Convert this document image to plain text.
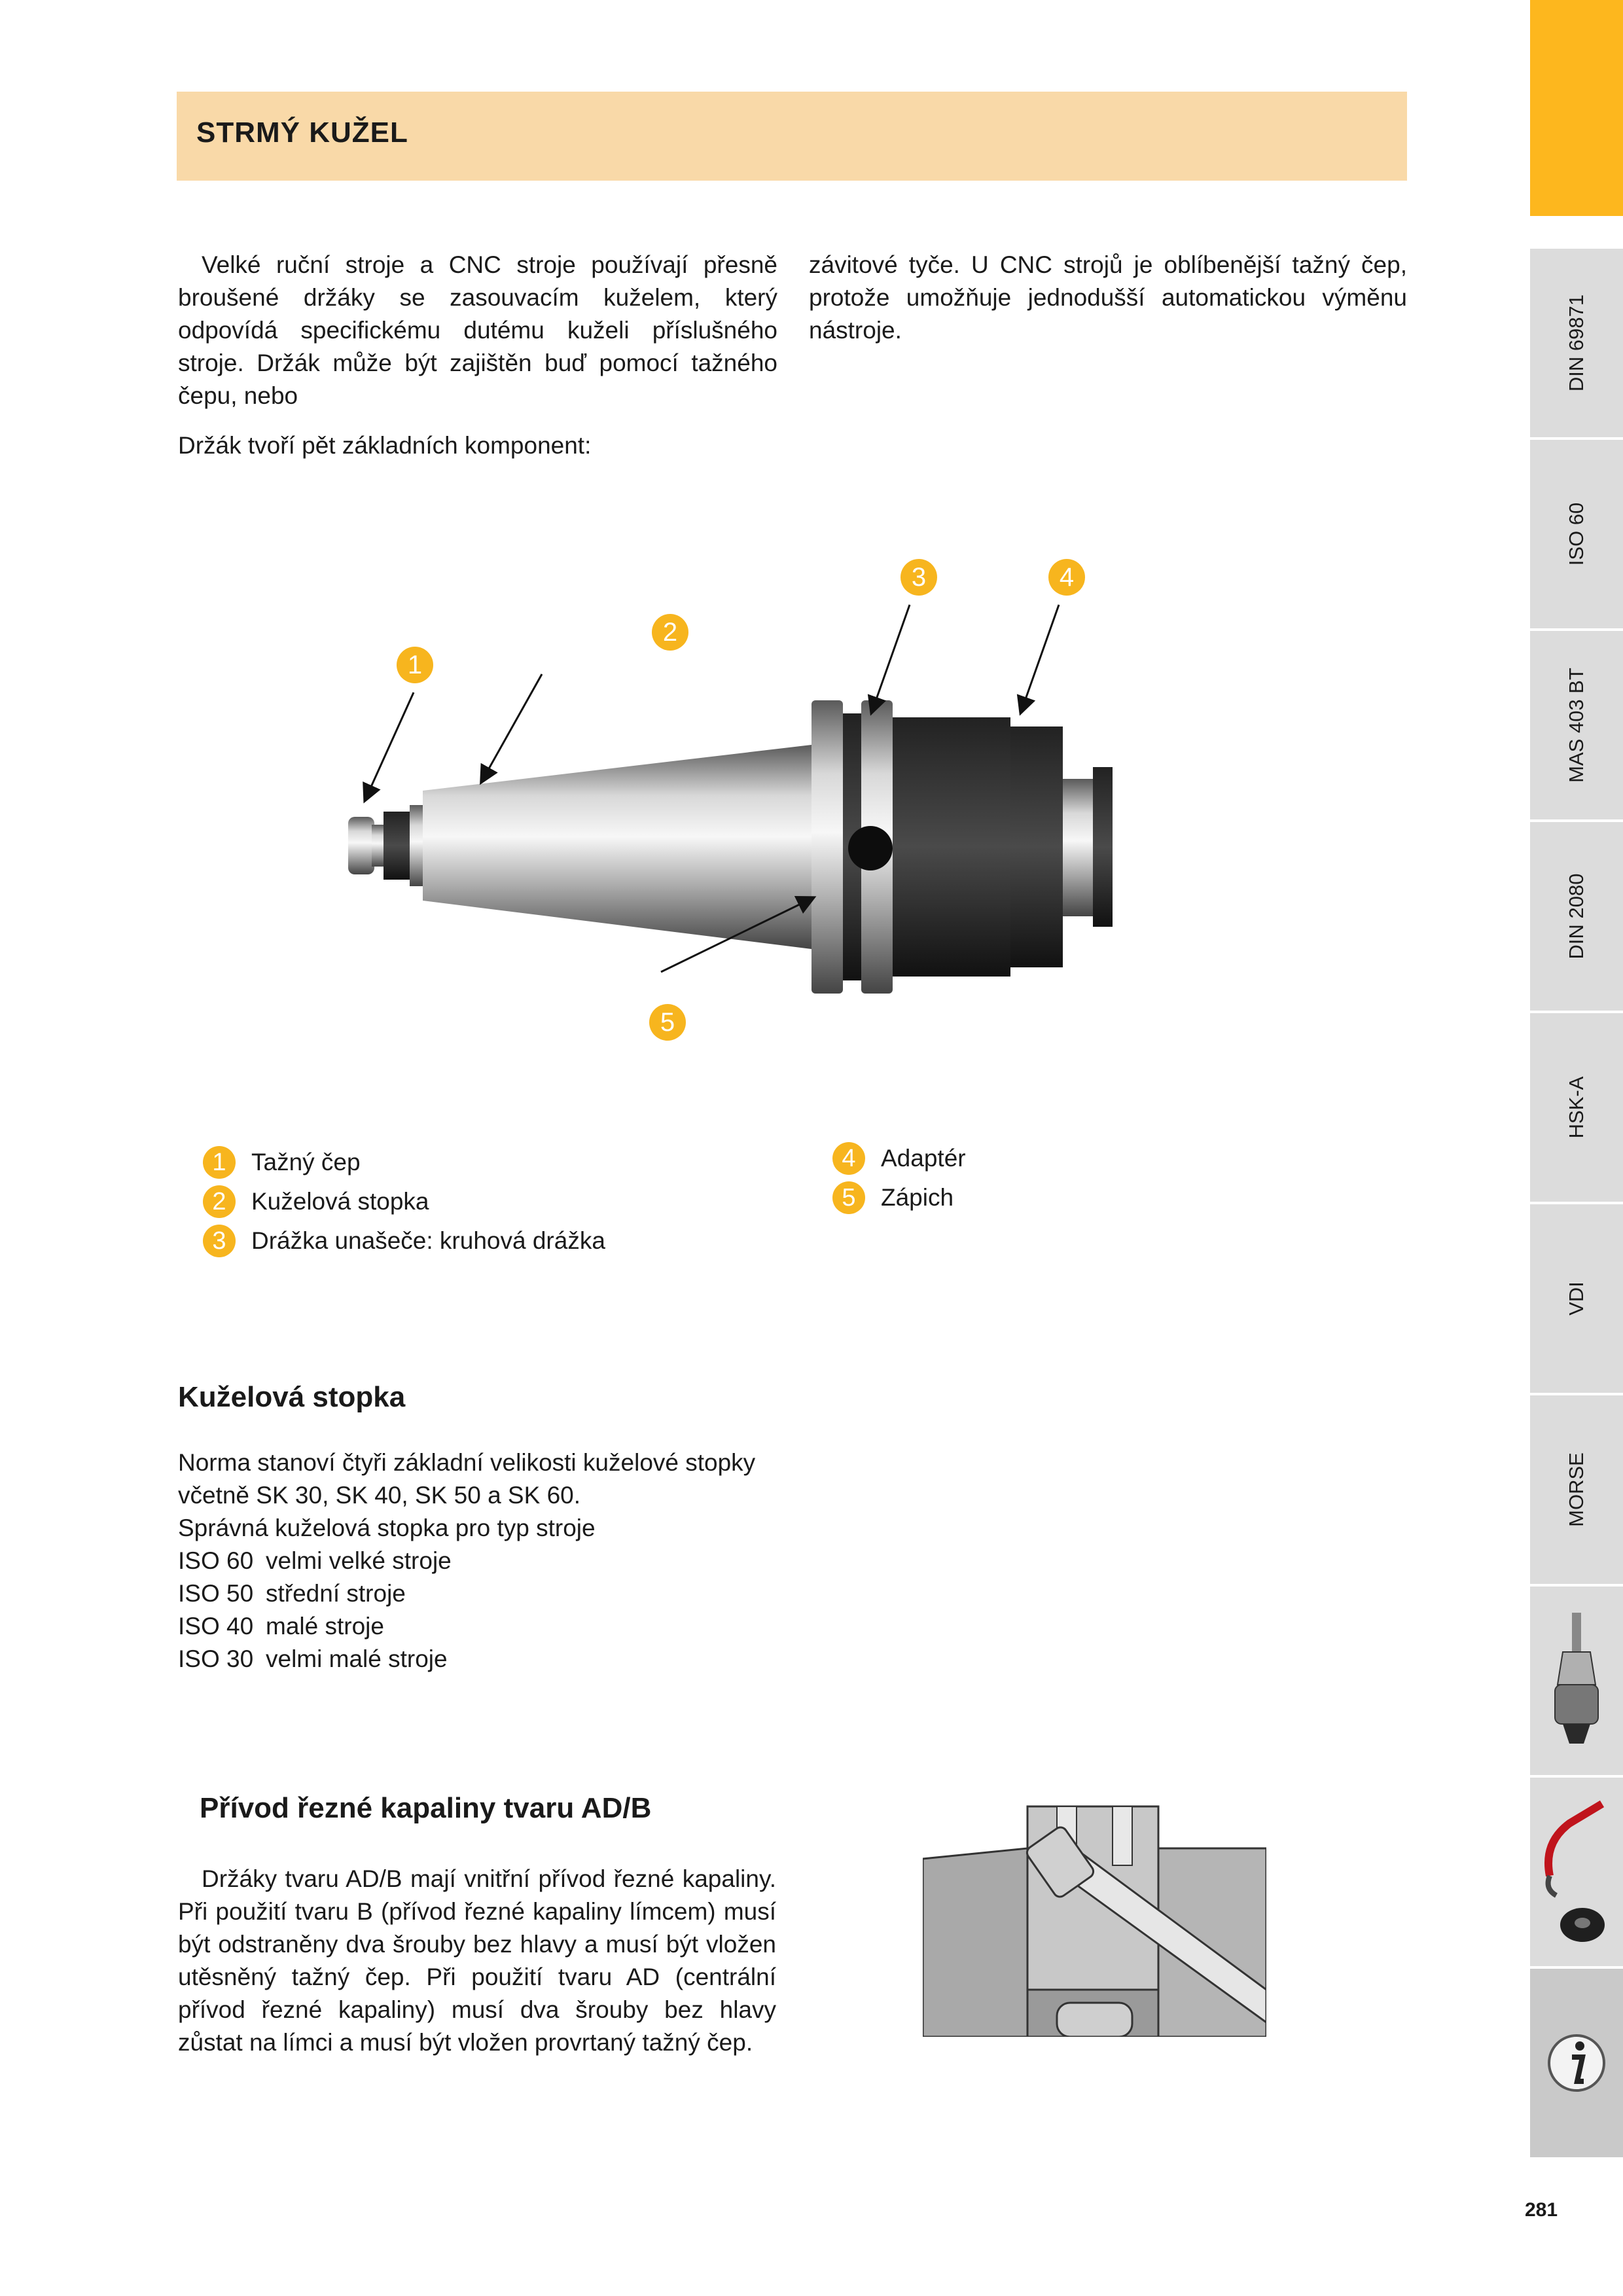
STRMÝ KUŽEL

Velké ruční stroje a CNC stroje používají přesně broušené držáky se zasouvacím kuželem, který odpovídá specifickému dutému kuželi příslušného stroje. Držák může být zajištěn buď pomocí tažného čepu, nebo

závitové tyče. U CNC strojů je oblíbenější tažný čep, protože umožňuje jednodušší automatickou výměnu nástroje.

Držák tvoří pět základních komponent:
1
2
3	4
5
1	Tažný čep
2	Kuželová stopka
3	Drážka unašeče: kruhová drážka
4	Adaptér
5	Zápich
Kuželová stopka
Norma stanoví čtyři základní velikosti kuželové stopky
včetně SK 30, SK 40, SK 50 a SK 60.
Správná kuželová stopka pro typ stroje
ISO 60 velmi velké stroje
ISO 50 střední stroje
ISO 40 malé stroje
ISO 30 velmi malé stroje
Přívod řezné kapaliny tvaru AD/B

Držáky tvaru AD/B mají vnitřní přívod řezné kapaliny. Při použití tvaru B (přívod řezné kapaliny límcem) musí být odstraněny dva šrouby bez hlavy a musí být vložen utěsněný tažný čep. Při použití tvaru AD (centrální přívod řezné kapaliny) musí dva šrouby bez hlavy zůstat na límci a musí být vložen provrtaný tažný čep.

DIN 69871
ISO 60
MAS 403 BT
DIN 2080
HSK-A
VDI
MORSE
281
